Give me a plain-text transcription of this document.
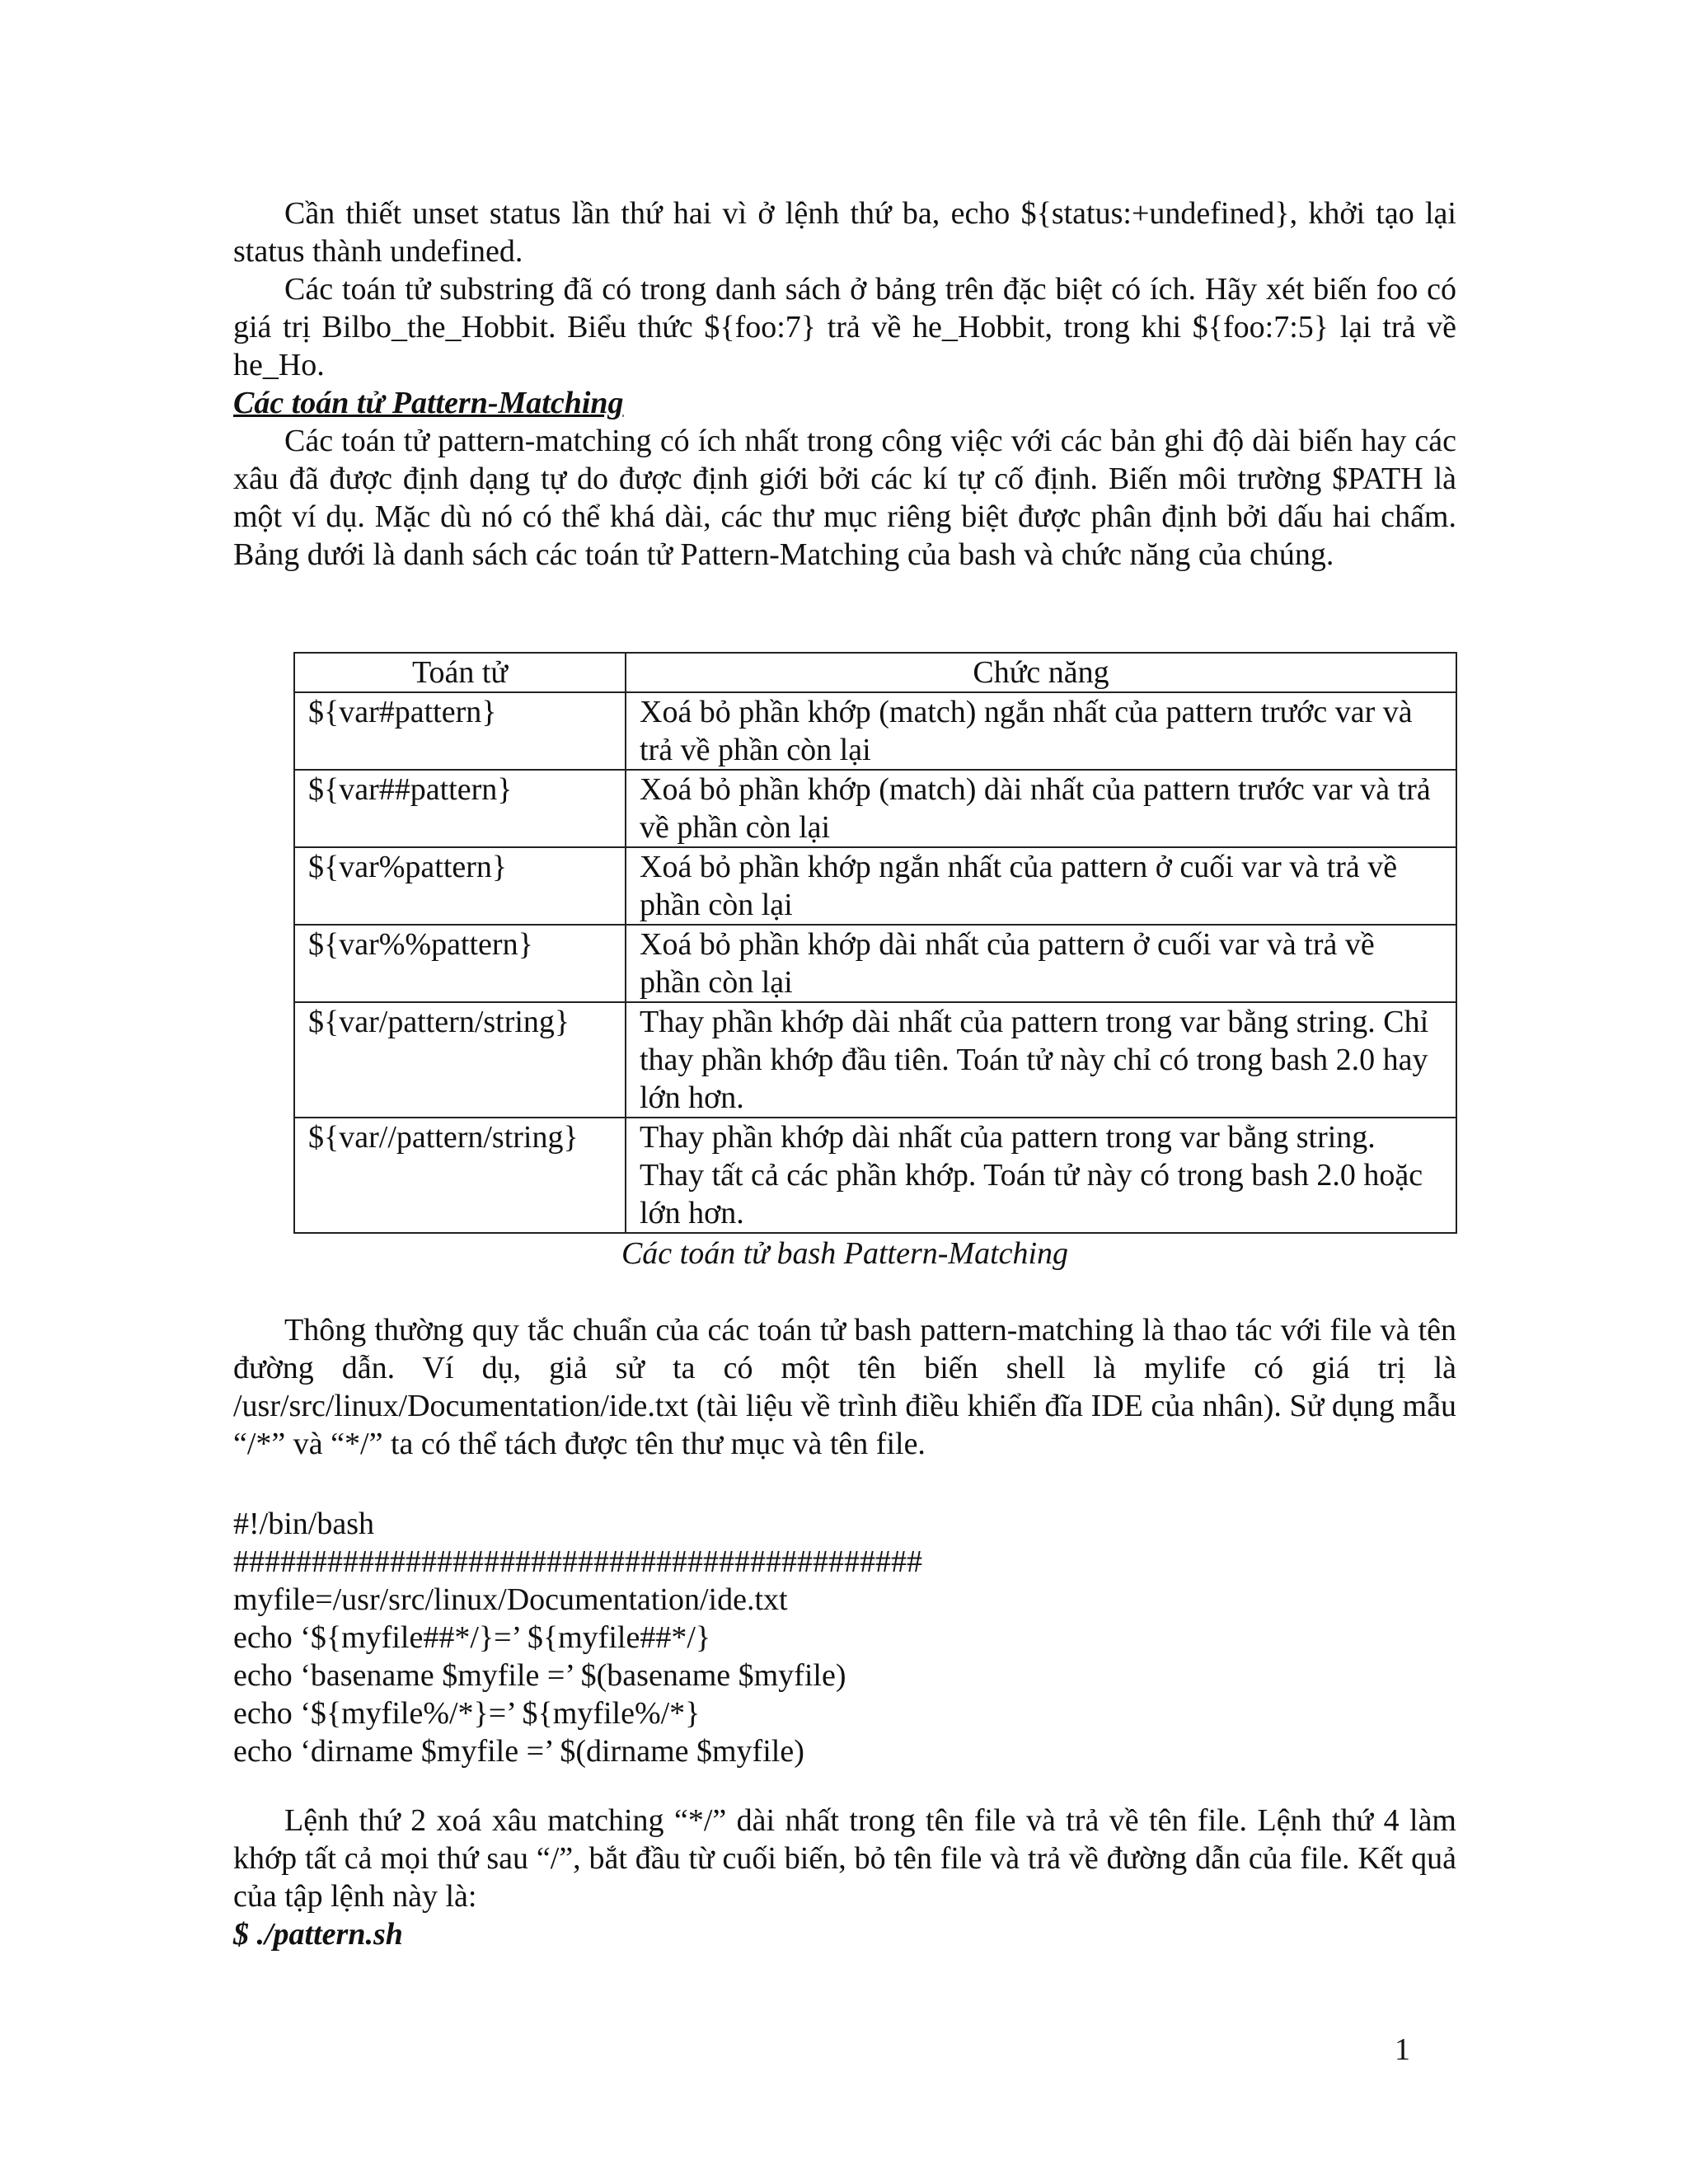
Cần thiết unset status lần thứ hai vì ở lệnh thứ ba, echo ${status:+undefined}, khởi tạo lại status thành undefined.

Các toán tử substring đã có trong danh sách ở bảng trên đặc biệt có ích. Hãy xét biến foo có giá trị Bilbo_the_Hobbit. Biểu thức ${foo:7} trả về he_Hobbit, trong khi ${foo:7:5} lại trả về he_Ho.

Các toán tử Pattern-Matching

Các toán tử pattern-matching có ích nhất trong công việc với các bản ghi độ dài biến hay các xâu đã được định dạng tự do được định giới bởi các kí tự cố định. Biến môi trường $PATH là một ví dụ. Mặc dù nó có thể khá dài, các thư mục riêng biệt được phân định bởi dấu hai chấm. Bảng dưới là danh sách các toán tử Pattern-Matching của bash và chức năng của chúng.

Toán tử	Chức năng
${var#pattern}	Xoá bỏ phần khớp (match) ngắn nhất của pattern trước var và trả về phần còn lại
${var##pattern}	Xoá bỏ phần khớp (match) dài nhất của pattern trước var và trả về phần còn lại
${var%pattern}	Xoá bỏ phần khớp ngắn nhất của pattern ở cuối var và trả về phần còn lại
${var%%pattern}	Xoá bỏ phần khớp dài nhất của pattern ở cuối var và trả về phần còn lại
${var/pattern/string}	Thay phần khớp dài nhất của pattern trong var bằng string. Chỉ thay phần khớp đầu tiên. Toán tử này chỉ có trong bash 2.0 hay lớn hơn.
${var//pattern/string}	Thay phần khớp dài nhất của pattern trong var bằng string. Thay tất cả các phần khớp. Toán tử này có trong bash 2.0 hoặc lớn hơn.

Các toán tử bash Pattern-Matching

Thông thường quy tắc chuẩn của các toán tử bash pattern-matching là thao tác với file và tên đường dẫn. Ví dụ, giả sử ta có một tên biến shell là mylife có giá trị là /usr/src/linux/Documentation/ide.txt (tài liệu về trình điều khiển đĩa IDE của nhân). Sử dụng mẫu “/*” và “*/” ta có thể tách được tên thư mục và tên file.

#!/bin/bash
############################################
myfile=/usr/src/linux/Documentation/ide.txt
echo ‘${myfile##*/}=’ ${myfile##*/}
echo ‘basename $myfile =’ $(basename $myfile)
echo ‘${myfile%/*}=’ ${myfile%/*}
echo ‘dirname $myfile =’ $(dirname $myfile)

Lệnh thứ 2 xoá xâu matching “*/” dài nhất trong tên file và trả về tên file. Lệnh thứ 4 làm khớp tất cả mọi thứ sau “/”, bắt đầu từ cuối biến, bỏ tên file và trả về đường dẫn của file. Kết quả của tập lệnh này là:

$ ./pattern.sh

1
